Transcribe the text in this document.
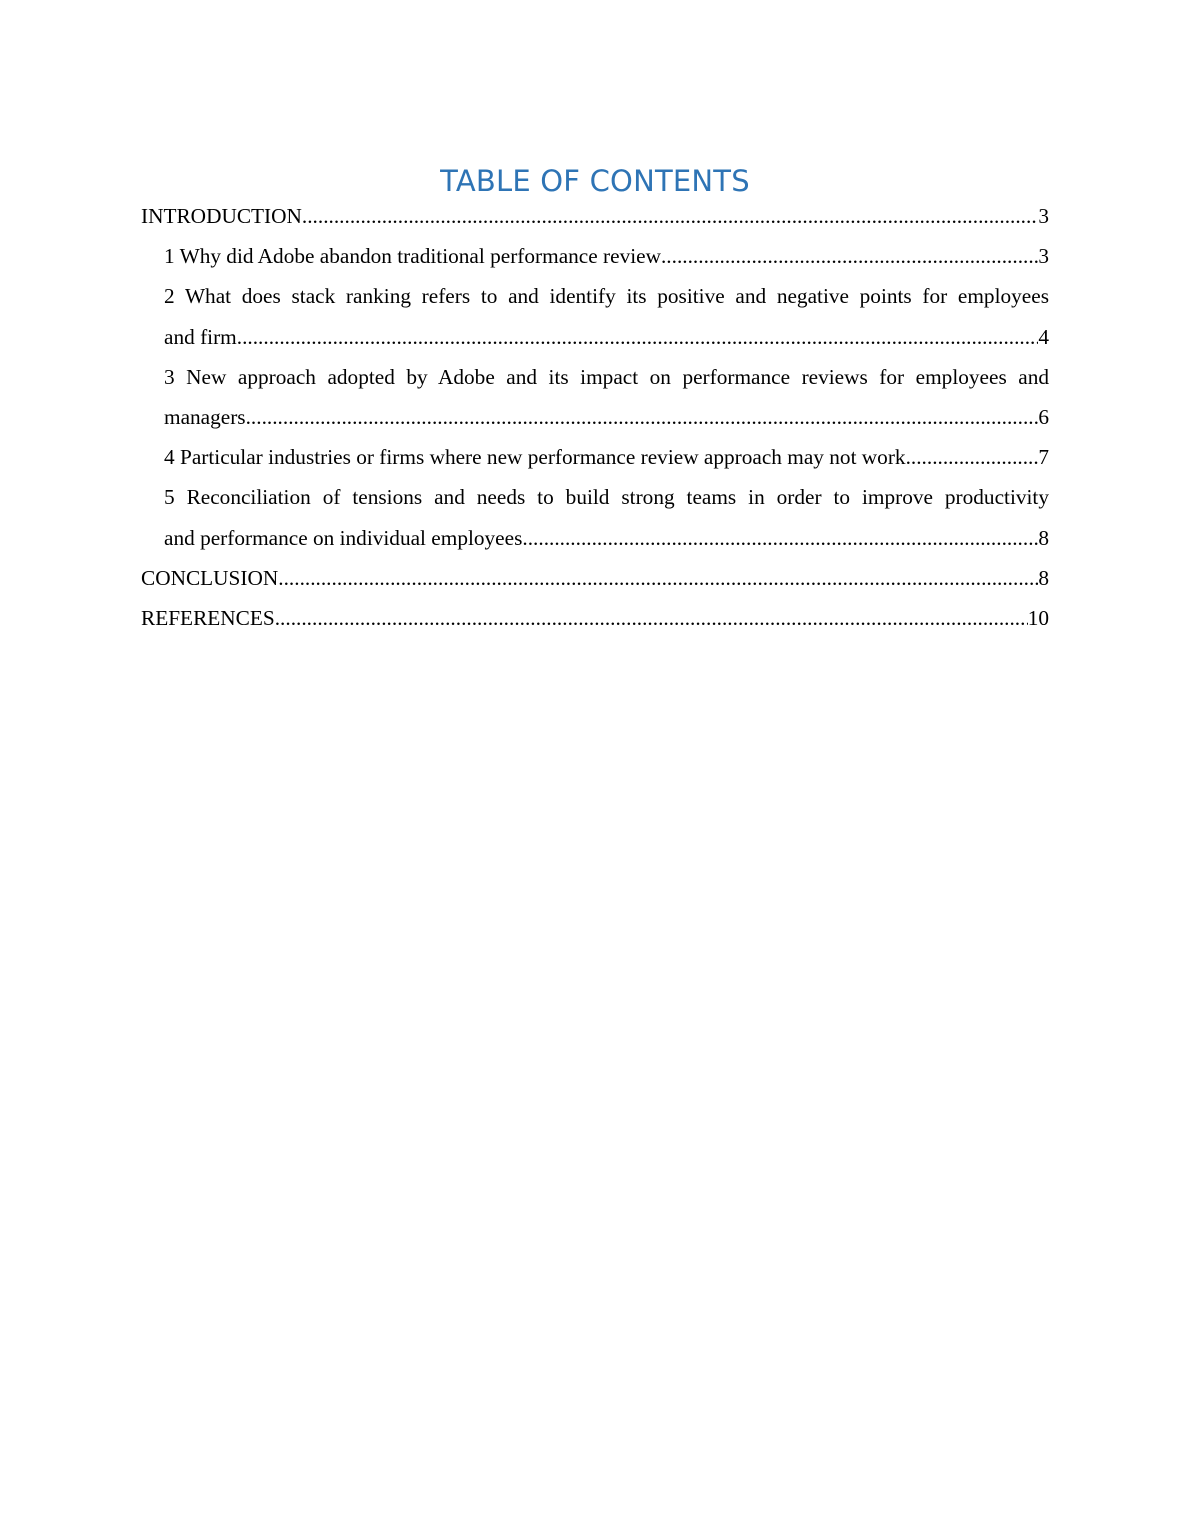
TABLE OF CONTENTS
INTRODUCTION .....	3
1 Why did Adobe abandon traditional performance review .....	3
2 What does stack ranking refers to and identify its positive and negative points for employees
and firm .....	4
3 New approach adopted by Adobe and its impact on performance reviews for employees and
managers .....	6
4 Particular industries or firms where new performance review approach may not work .....	7
5 Reconciliation of tensions and needs to build strong teams in order to improve productivity
and performance on individual employees .....	8
CONCLUSION .....	8
REFERENCES .....	10
